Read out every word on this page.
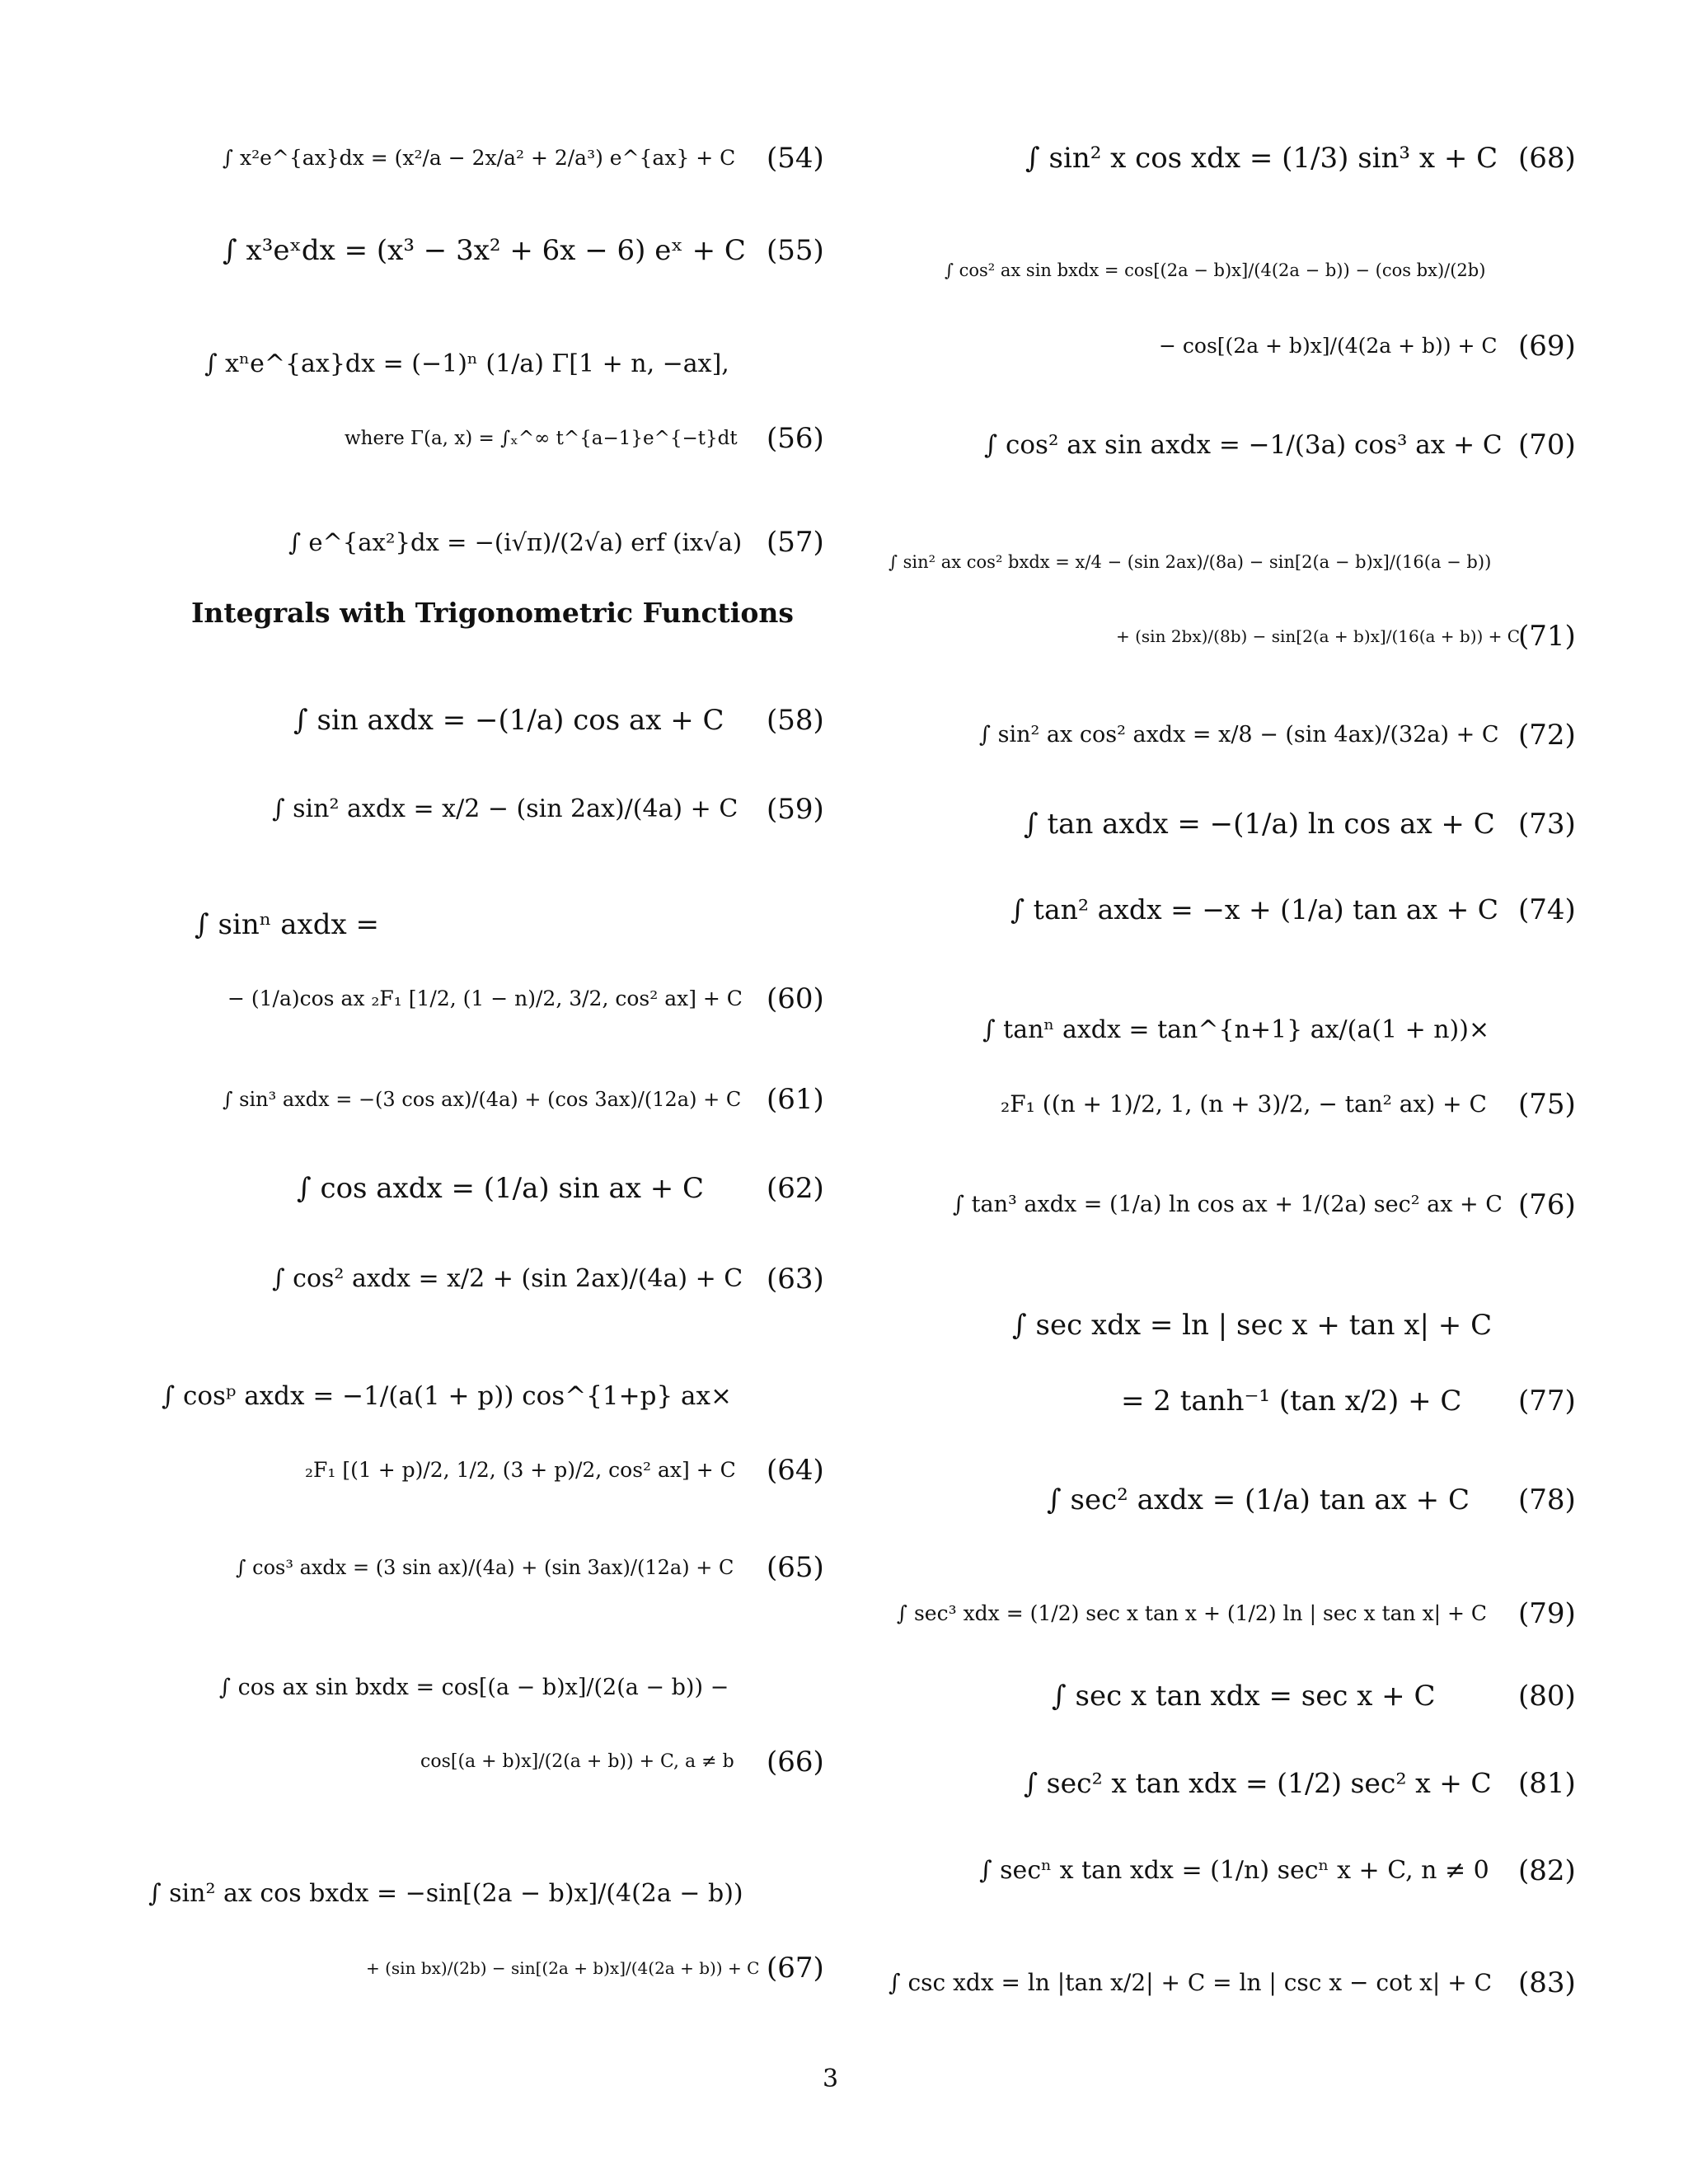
∫ x²e^{ax}dx = (x²/a − 2x/a² + 2/a³) e^{ax} + C (54)
∫ x³eˣdx = (x³ − 3x² + 6x − 6) eˣ + C (55)
∫ xⁿe^{ax}dx = (−1)ⁿ (1/a) Γ[1 + n, −ax],
where Γ(a, x) = ∫ₓ^∞ t^{a−1}e^{−t}dt (56)
∫ e^{ax²}dx = −(i√π)/(2√a) erf (ix√a) (57)
Integrals with Trigonometric Functions
∫ sin axdx = −(1/a) cos ax + C (58)
∫ sin² axdx = x/2 − (sin 2ax)/(4a) + C (59)
∫ sinⁿ axdx =
− (1/a)cos ax ₂F₁ [1/2, (1 − n)/2, 3/2, cos² ax] + C (60)
∫ sin³ axdx = −(3 cos ax)/(4a) + (cos 3ax)/(12a) + C (61)
∫ cos axdx = (1/a) sin ax + C (62)
∫ cos² axdx = x/2 + (sin 2ax)/(4a) + C (63)
∫ cosᵖ axdx = −1/(a(1 + p)) cos^{1+p} ax×
₂F₁ [(1 + p)/2, 1/2, (3 + p)/2, cos² ax] + C (64)
∫ cos³ axdx = (3 sin ax)/(4a) + (sin 3ax)/(12a) + C (65)
∫ cos ax sin bxdx = cos[(a − b)x]/(2(a − b)) −
cos[(a + b)x]/(2(a + b)) + C, a ≠ b (66)
∫ sin² ax cos bxdx = −sin[(2a − b)x]/(4(2a − b))
+ (sin bx)/(2b) − sin[(2a + b)x]/(4(2a + b)) + C (67)
∫ sin² x cos xdx = (1/3) sin³ x + C (68)
∫ cos² ax sin bxdx = cos[(2a − b)x]/(4(2a − b)) − (cos bx)/(2b)
− cos[(2a + b)x]/(4(2a + b)) + C (69)
∫ cos² ax sin axdx = −1/(3a) cos³ ax + C (70)
∫ sin² ax cos² bxdx = x/4 − (sin 2ax)/(8a) − sin[2(a − b)x]/(16(a − b))
+ (sin 2bx)/(8b) − sin[2(a + b)x]/(16(a + b)) + C
(71)
∫ sin² ax cos² axdx = x/8 − (sin 4ax)/(32a) + C (72)
∫ tan axdx = −(1/a) ln cos ax + C (73)
∫ tan² axdx = −x + (1/a) tan ax + C (74)
∫ tanⁿ axdx = tan^{n+1} ax/(a(1 + n))×
₂F₁ ((n + 1)/2, 1, (n + 3)/2, − tan² ax) + C (75)
∫ tan³ axdx = (1/a) ln cos ax + 1/(2a) sec² ax + C (76)
∫ sec xdx = ln | sec x + tan x| + C
= 2 tanh⁻¹ (tan x/2) + C (77)
∫ sec² axdx = (1/a) tan ax + C (78)
∫ sec³ xdx = (1/2) sec x tan x + (1/2) ln | sec x tan x| + C (79)
∫ sec x tan xdx = sec x + C	(80)
∫ sec² x tan xdx = (1/2) sec² x + C (81)
∫ secⁿ x tan xdx = (1/n) secⁿ x + C, n ≠ 0 (82)
∫ csc xdx = ln |tan x/2| + C = ln | csc x − cot x| + C (83)
3
